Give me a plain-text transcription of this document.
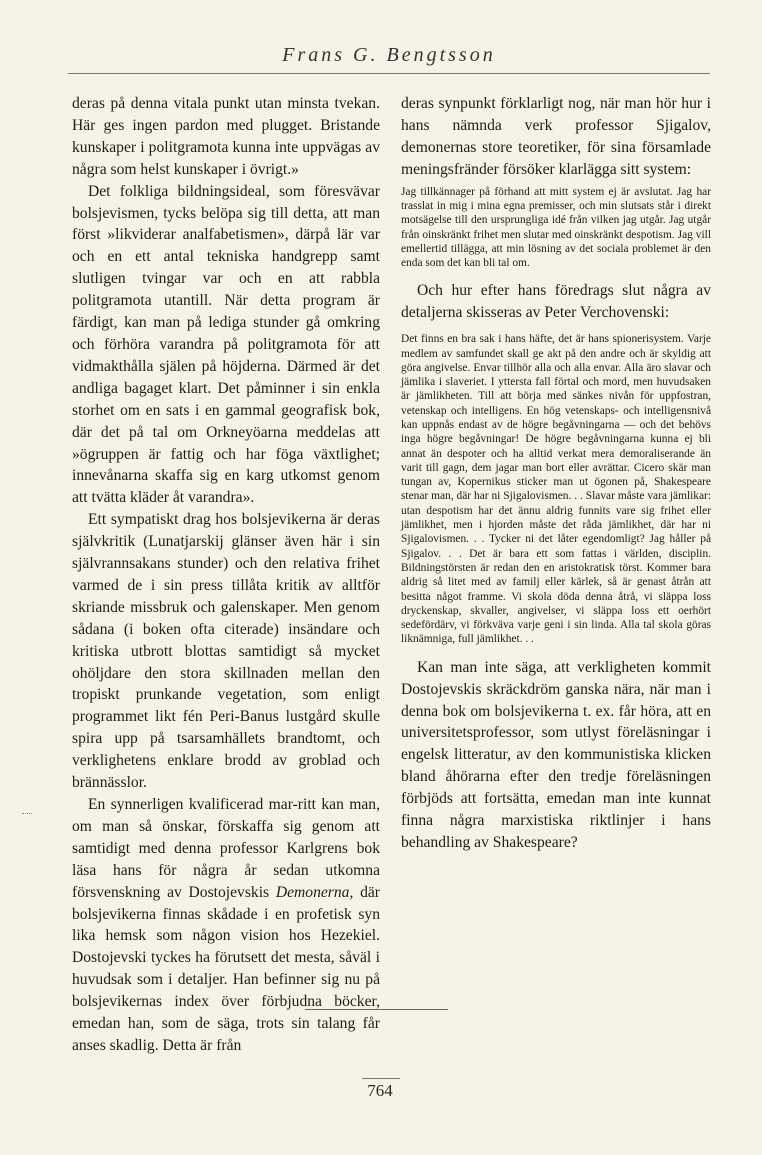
Frans G. Bengtsson

deras på denna vitala punkt utan minsta tvekan. Här ges ingen pardon med plugget. Bristande kunskaper i politgramota kunna inte uppvägas av några som helst kunskaper i övrigt.»

Det folkliga bildningsideal, som föresvävar bolsjevismen, tycks belöpa sig till detta, att man först »likviderar analfabetismen», därpå lär var och en ett antal tekniska handgrepp samt slutligen tvingar var och en att rabbla politgramota utantill. När detta program är färdigt, kan man på lediga stunder gå omkring och förhöra varandra på politgramota för att vidmakthålla själen på höjderna. Därmed är det andliga bagaget klart. Det påminner i sin enkla storhet om en sats i en gammal geografisk bok, där det på tal om Orkneyöarna meddelas att »ögruppen är fattig och har föga växtlighet; innevånarna skaffa sig en karg utkomst genom att tvätta kläder åt varandra».

Ett sympatiskt drag hos bolsjevikerna är deras självkritik (Lunatjarskij glänser även här i sin självrannsakans stunder) och den relativa frihet varmed de i sin press tillåta kritik av alltför skriande missbruk och galenskaper. Men genom sådana (i boken ofta citerade) insändare och kritiska utbrott blottas samtidigt så mycket ohöljdare den stora skillnaden mellan den tropiskt prunkande vegetation, som enligt programmet likt fén Peri-Banus lustgård skulle spira upp på tsarsamhällets brandtomt, och verklighetens enklare brodd av groblad och brännässlor.

En synnerligen kvalificerad mar-ritt kan man, om man så önskar, förskaffa sig genom att samtidigt med denna professor Karlgrens bok läsa hans för några år sedan utkomna försvenskning av Dostojevskis Demonerna, där bolsjevikerna finnas skådade i en profetisk syn lika hemsk som någon vision hos Hezekiel. Dostojevski tyckes ha förutsett det mesta, såväl i huvudsak som i detaljer. Han befinner sig nu på bolsjevikernas index över förbjudna böcker, emedan han, som de säga, trots sin talang får anses skadlig. Detta är från

deras synpunkt förklarligt nog, när man hör hur i hans nämnda verk professor Sjigalov, demonernas store teoretiker, för sina församlade meningsfränder försöker klarlägga sitt system:

Jag tillkännager på förhand att mitt system ej är avslutat. Jag har trasslat in mig i mina egna premisser, och min slutsats står i direkt motsägelse till den ursprungliga idé från vilken jag utgår. Jag utgår från oinskränkt frihet men slutar med oinskränkt despotism. Jag vill emellertid tillägga, att min lösning av det sociala problemet är den enda som det kan bli tal om.

Och hur efter hans föredrags slut några av detaljerna skisseras av Peter Verchovenski:

Det finns en bra sak i hans häfte, det är hans spionerisystem. Varje medlem av samfundet skall ge akt på den andre och är skyldig att göra angivelse. Envar tillhör alla och alla envar. Alla äro slavar och jämlika i slaveriet. I yttersta fall förtal och mord, men huvudsaken är jämlikheten. Till att börja med sänkes nivån för uppfostran, vetenskap och intelligens. En hög vetenskaps- och intelligensnivå kan uppnås endast av de högre begåvningarna — och det behövs inga högre begåvningar! De högre begåvningarna kunna ej bli annat än despoter och ha alltid verkat mera demoraliserande än varit till gagn, dem jagar man bort eller avrättar. Cicero skär man tungan av, Kopernikus sticker man ut ögonen på, Shakespeare stenar man, där har ni Sjigalovismen. . . Slavar måste vara jämlikar: utan despotism har det ännu aldrig funnits vare sig frihet eller jämlikhet, men i hjorden måste det råda jämlikhet, där har ni Sjigalovismen. . . Tycker ni det låter egendomligt? Jag håller på Sjigalov. . . Det är bara ett som fattas i världen, disciplin. Bildningstörsten är redan den en aristokratisk törst. Kommer bara aldrig så litet med av familj eller kärlek, så är genast åtrån att besitta något framme. Vi skola döda denna åtrå, vi släppa loss dryckenskap, skvaller, angivelser, vi släppa loss ett oerhört sedefördärv, vi förkväva varje geni i sin linda. Alla tal skola göras liknämniga, full jämlikhet. . .

Kan man inte säga, att verkligheten kommit Dostojevskis skräckdröm ganska nära, när man i denna bok om bolsjevikerna t. ex. får höra, att en universitetsprofessor, som utlyst föreläsningar i engelsk litteratur, av den kommunistiska klicken bland åhörarna efter den tredje föreläsningen förbjöds att fortsätta, emedan man inte kunnat finna några marxistiska riktlinjer i hans behandling av Shakespeare?

764
